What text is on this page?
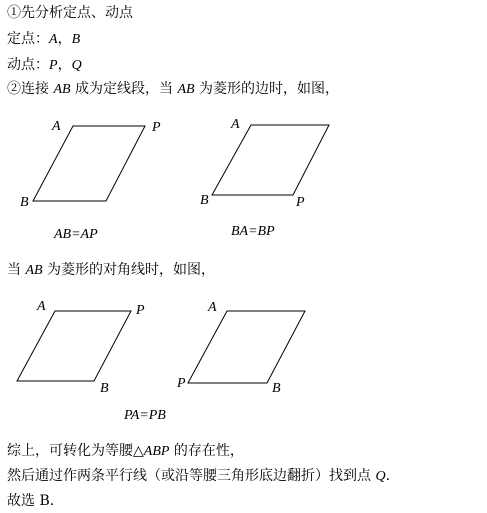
①先分析定点、动点
定点：A，B
动点：P，Q
②连接 AB 成为定线段，当 AB 为菱形的边时，如图，
当 AB 为菱形的对角线时，如图，
综上，可转化为等腰△ABP 的存在性，
然后通过作两条平行线（或沿等腰三角形底边翻折）找到点 Q.
故选 B.
A	P
B
AB=AP
A
B	P
BA=BP
A	P
B
A
P	B
PA=PB
